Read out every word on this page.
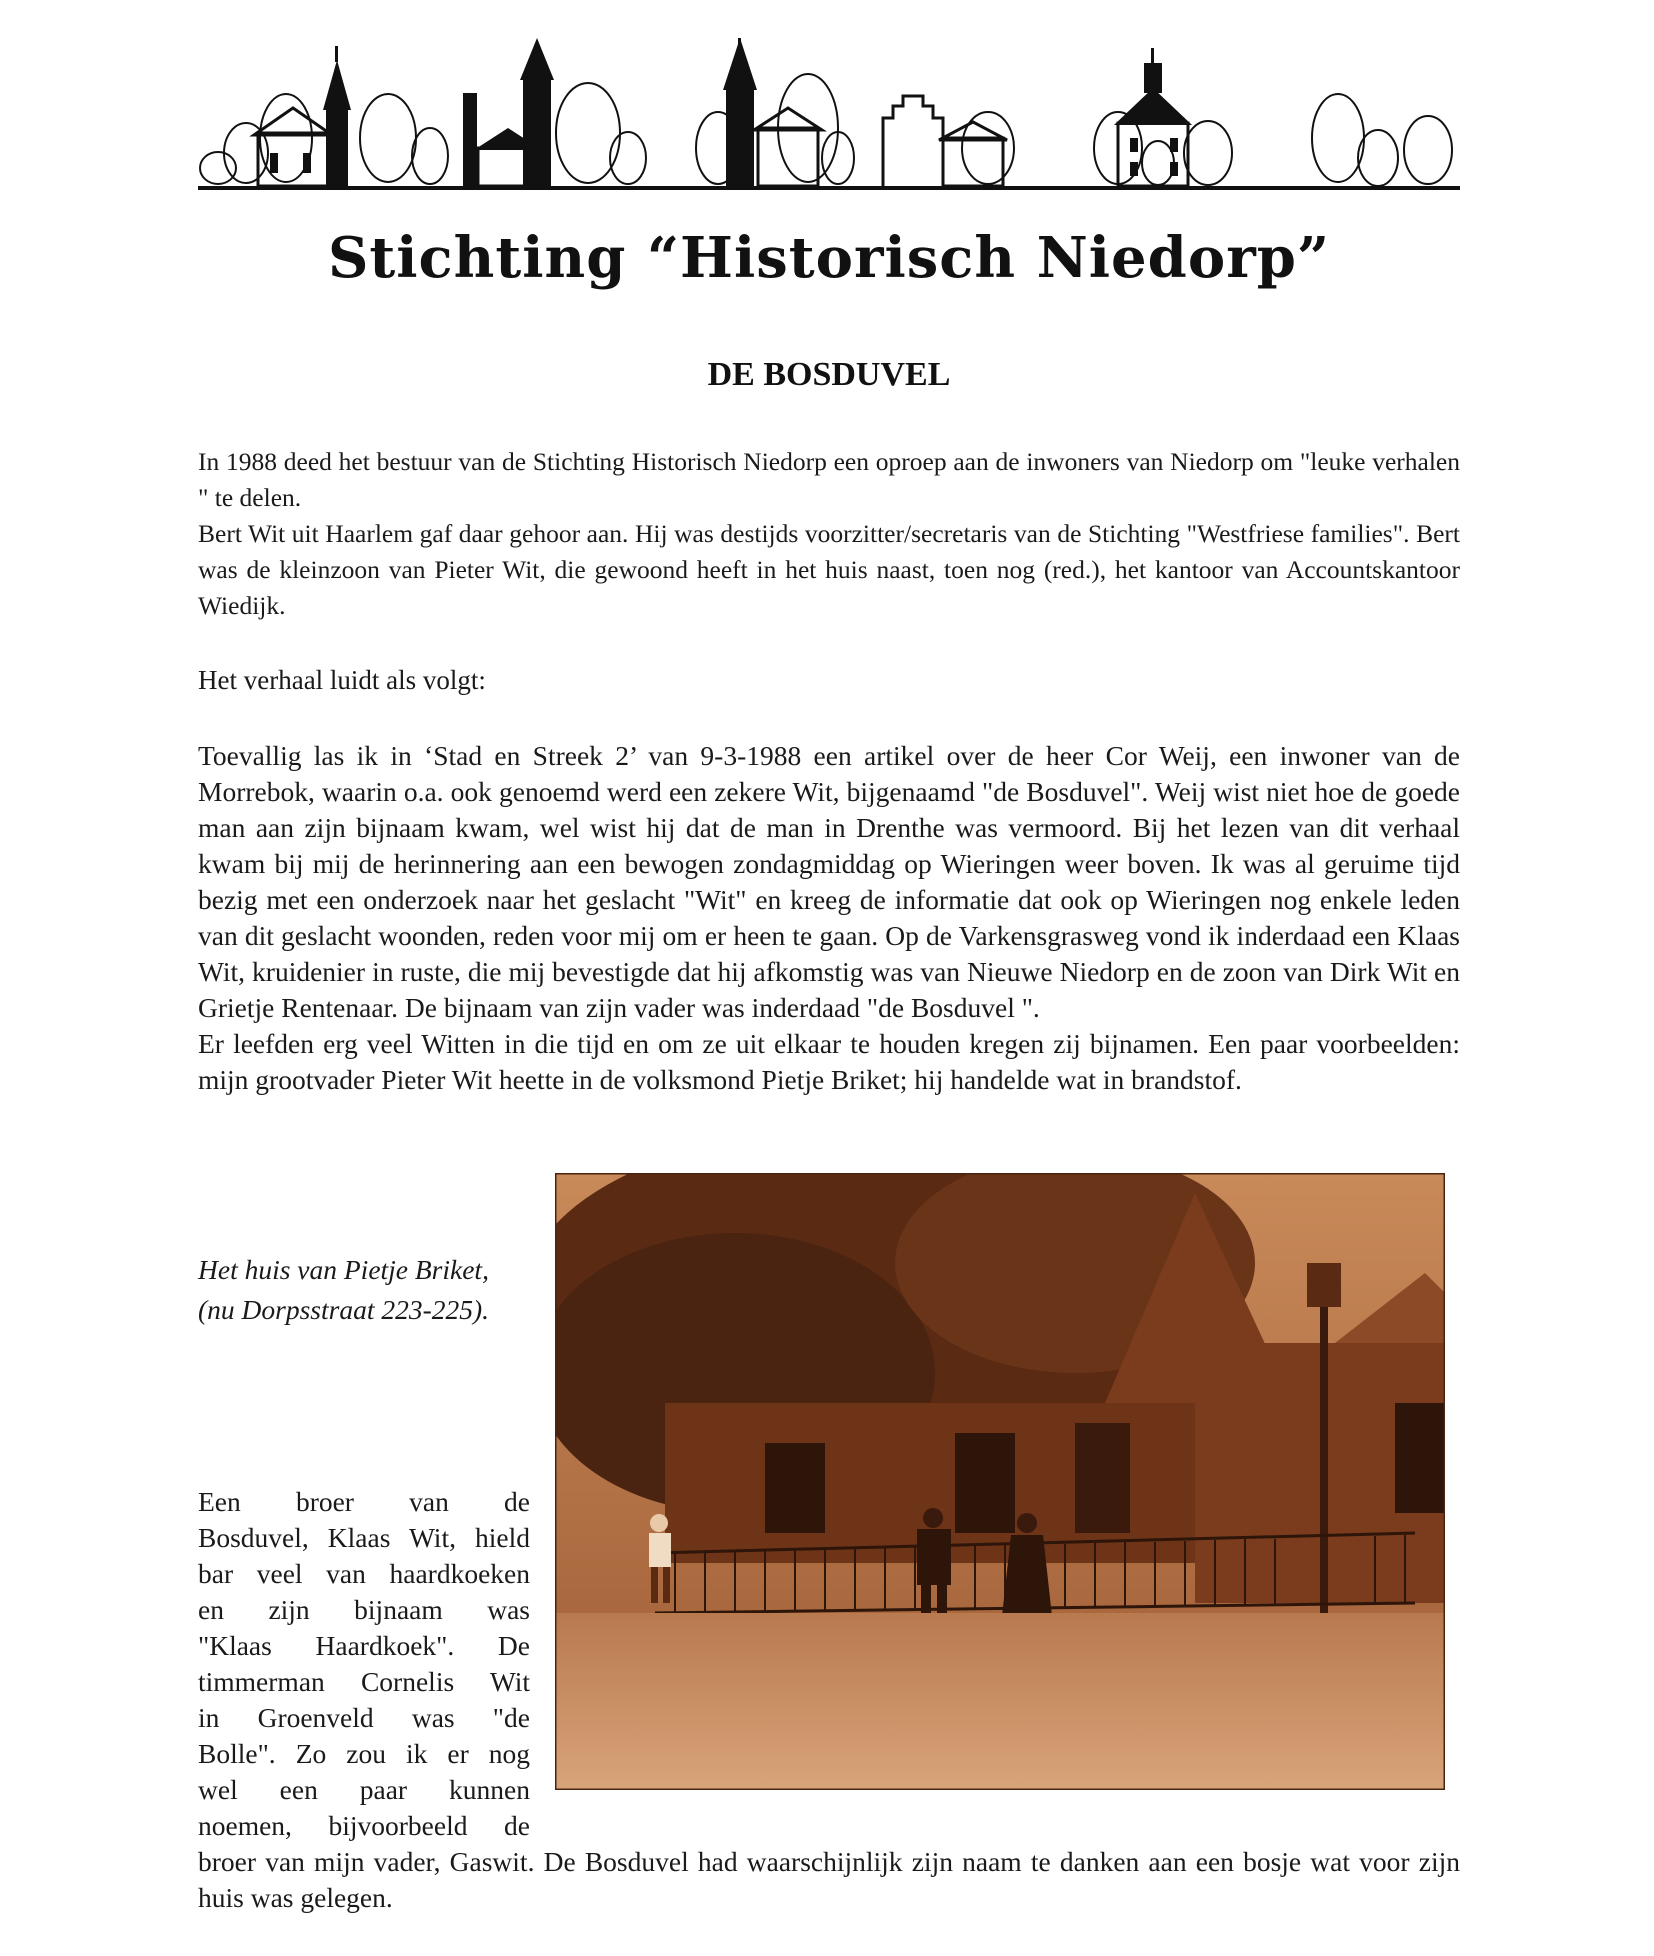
Stichting “Historisch Niedorp”
DE BOSDUVEL

In 1988 deed het bestuur van de Stichting Historisch Niedorp een oproep aan de inwoners van Niedorp om "leuke verhalen " te delen.

Bert Wit uit Haarlem gaf daar gehoor aan. Hij was destijds voorzitter/secretaris van de Stichting "Westfriese families". Bert was de kleinzoon van Pieter Wit, die gewoond heeft in het huis naast, toen nog (red.), het kantoor van Accountskantoor Wiedijk.

Het verhaal luidt als volgt:

Toevallig las ik in ‘Stad en Streek 2’ van 9-3-1988 een artikel over de heer Cor Weij, een inwoner van de Morrebok, waarin o.a. ook genoemd werd een zekere Wit, bijgenaamd "de Bosduvel". Weij wist niet hoe de goede man aan zijn bijnaam kwam, wel wist hij dat de man in Drenthe was vermoord. Bij het lezen van dit verhaal kwam bij mij de herinnering aan een bewogen zondagmiddag op Wieringen weer boven. Ik was al geruime tijd bezig met een onderzoek naar het geslacht "Wit" en kreeg de informatie dat ook op Wieringen nog enkele leden van dit geslacht woonden, reden voor mij om er heen te gaan. Op de Varkensgrasweg vond ik inderdaad een Klaas Wit, kruidenier in ruste, die mij bevestigde dat hij afkomstig was van Nieuwe Niedorp en de zoon van Dirk Wit en Grietje Rentenaar. De bijnaam van zijn vader was inderdaad "de Bosduvel ".

Er leefden erg veel Witten in die tijd en om ze uit elkaar te houden kregen zij bijnamen. Een paar voorbeelden: mijn grootvader Pieter Wit heette in de volksmond Pietje Briket; hij handelde wat in brandstof.

Het huis van Pietje Briket,
(nu Dorpsstraat 223-225).
Een broer van de
Bosduvel, Klaas Wit, hield
bar veel van haardkoeken
en zijn bijnaam was
"Klaas Haardkoek". De
timmerman Cornelis Wit
in Groenveld was "de
Bolle". Zo zou ik er nog
wel een paar kunnen
noemen, bijvoorbeeld de
broer van mijn vader, Gaswit. De Bosduvel had waarschijnlijk zijn naam te danken aan een bosje wat voor zijn huis was gelegen.
